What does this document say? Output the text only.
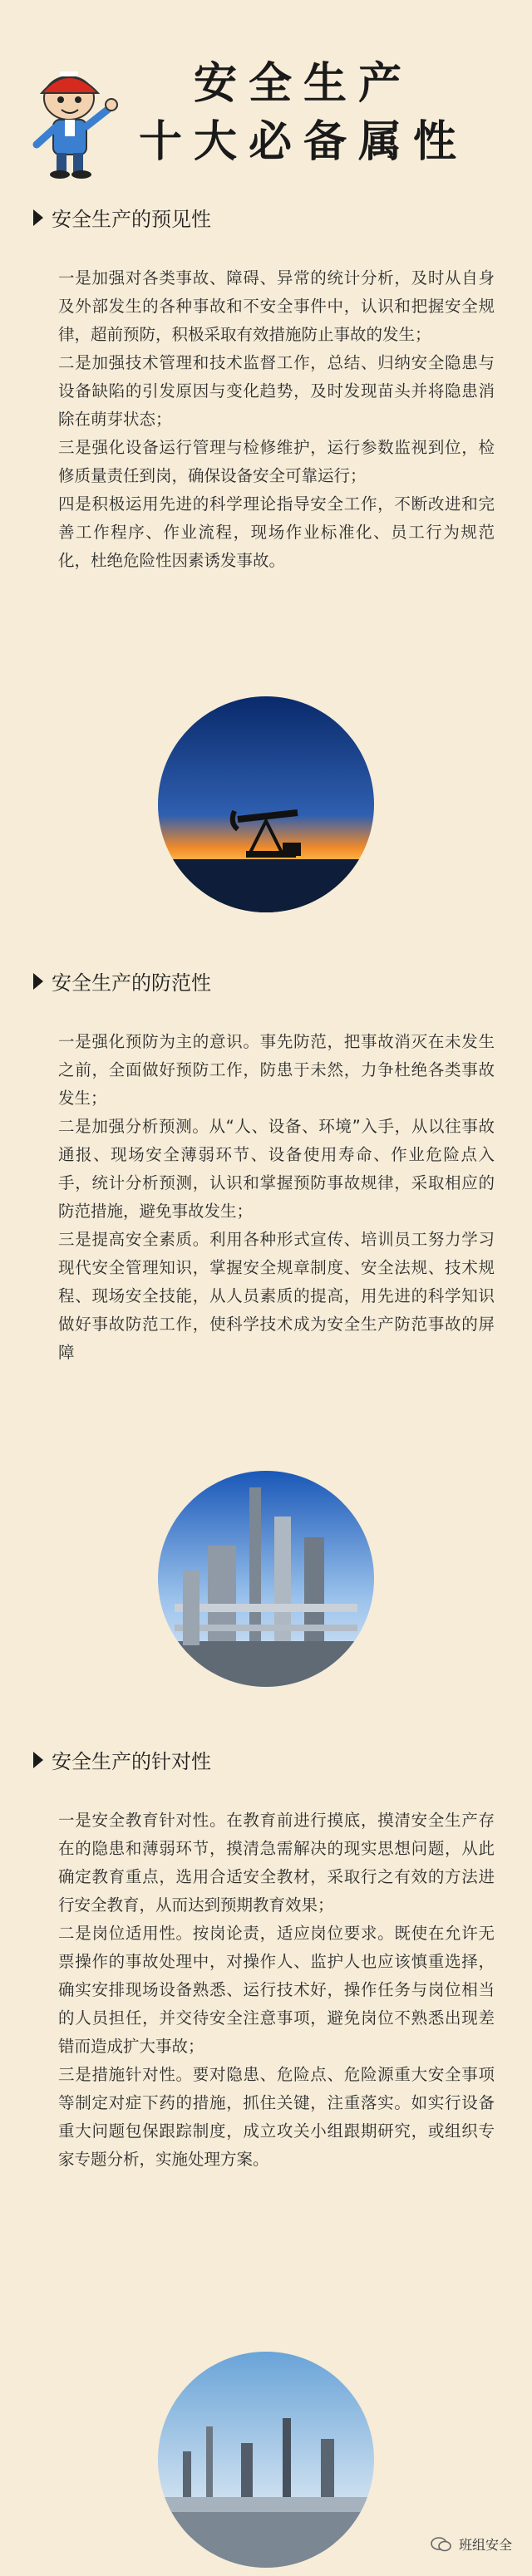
安全生产
十大必备属性
安全生产的预见性
一是加强对各类事故、障碍、异常的统计分析，及时从自身及外部发生的各种事故和不安全事件中，认识和把握安全规律，超前预防，积极采取有效措施防止事故的发生；
二是加强技术管理和技术监督工作，总结、归纳安全隐患与设备缺陷的引发原因与变化趋势，及时发现苗头并将隐患消除在萌芽状态；
三是强化设备运行管理与检修维护，运行参数监视到位，检修质量责任到岗，确保设备安全可靠运行；
四是积极运用先进的科学理论指导安全工作，不断改进和完善工作程序、作业流程，现场作业标准化、员工行为规范化，杜绝危险性因素诱发事故。
安全生产的防范性
一是强化预防为主的意识。事先防范，把事故消灭在未发生之前，全面做好预防工作，防患于未然，力争杜绝各类事故发生；
二是加强分析预测。从“人、设备、环境”入手，从以往事故通报、现场安全薄弱环节、设备使用寿命、作业危险点入手，统计分析预测，认识和掌握预防事故规律，采取相应的防范措施，避免事故发生；
三是提高安全素质。利用各种形式宣传、培训员工努力学习现代安全管理知识，掌握安全规章制度、安全法规、技术规程、现场安全技能，从人员素质的提高，用先进的科学知识做好事故防范工作，使科学技术成为安全生产防范事故的屏障
安全生产的针对性
一是安全教育针对性。在教育前进行摸底，摸清安全生产存在的隐患和薄弱环节，摸清急需解决的现实思想问题，从此确定教育重点，选用合适安全教材，采取行之有效的方法进行安全教育，从而达到预期教育效果；
二是岗位适用性。按岗论责，适应岗位要求。既使在允许无票操作的事故处理中，对操作人、监护人也应该慎重选择，确实安排现场设备熟悉、运行技术好，操作任务与岗位相当的人员担任，并交待安全注意事项，避免岗位不熟悉出现差错而造成扩大事故；
三是措施针对性。要对隐患、危险点、危险源重大安全事项等制定对症下药的措施，抓住关键，注重落实。如实行设备重大问题包保跟踪制度，成立攻关小组跟期研究，或组织专家专题分析，实施处理方案。
班组安全
